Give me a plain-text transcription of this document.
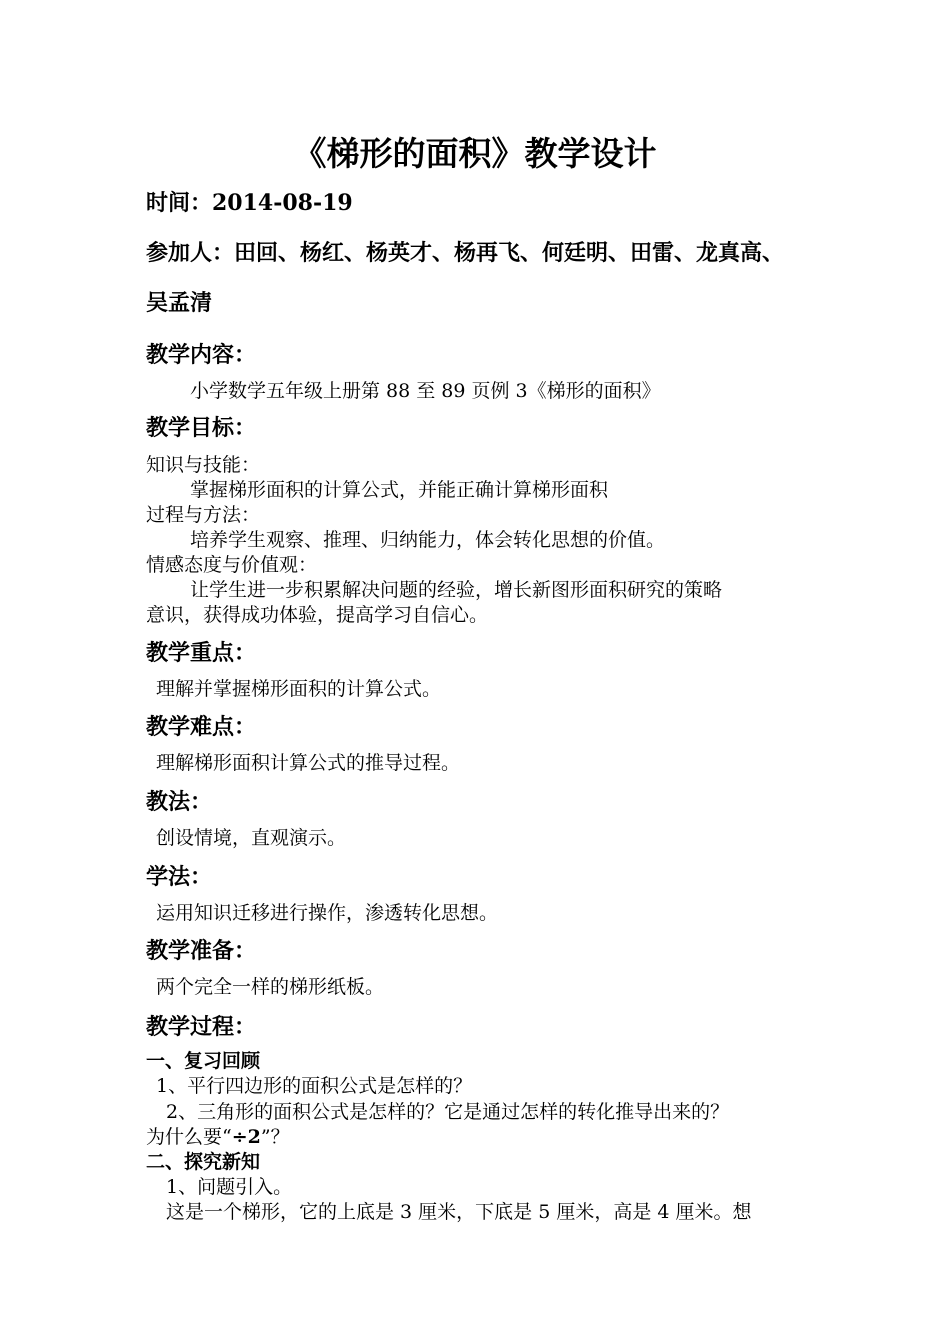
《梯形的面积》教学设计
时间：2014-08-19
参加人：田回、杨红、杨英才、杨再飞、何廷明、田雷、龙真高、
吴孟清
教学内容：
小学数学五年级上册第 88 至 89 页例 3《梯形的面积》
教学目标：
知识与技能：
掌握梯形面积的计算公式，并能正确计算梯形面积
过程与方法：
培养学生观察、推理、归纳能力，体会转化思想的价值。
情感态度与价值观：
让学生进一步积累解决问题的经验，增长新图形面积研究的策略
意识，获得成功体验，提高学习自信心。
教学重点：
理解并掌握梯形面积的计算公式。
教学难点：
理解梯形面积计算公式的推导过程。
教法：
创设情境，直观演示。
学法：
运用知识迁移进行操作，渗透转化思想。
教学准备：
两个完全一样的梯形纸板。
教学过程：
一、复习回顾
1、平行四边形的面积公式是怎样的？
2、三角形的面积公式是怎样的？它是通过怎样的转化推导出来的？
为什么要“÷2”？
二、探究新知
1、问题引入。
这是一个梯形，它的上底是 3 厘米，下底是 5 厘米，高是 4 厘米。想
